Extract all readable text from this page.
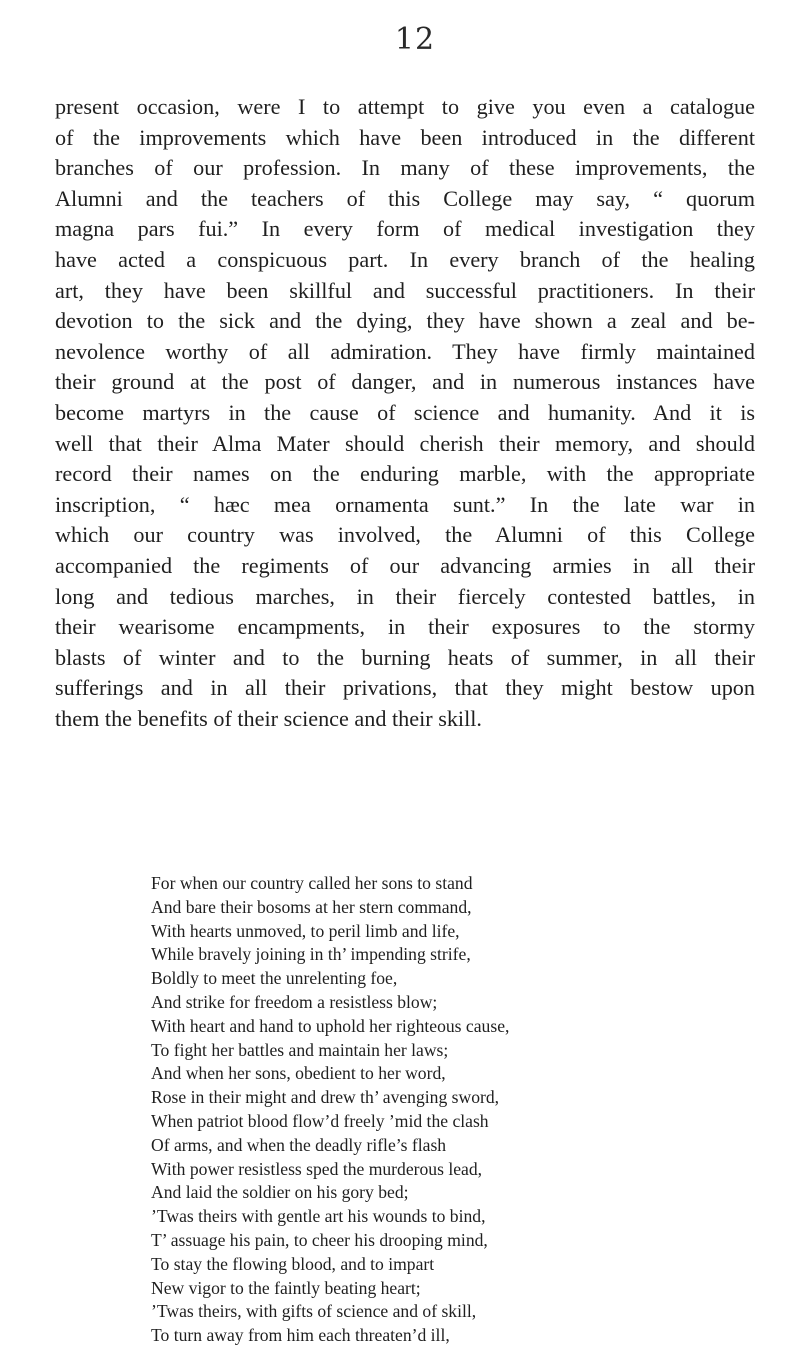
12
present occasion, were I to attempt to give you even a catalogue
of the improvements which have been introduced in the different
branches of our profession. In many of these improvements, the
Alumni and the teachers of this College may say, “ quorum
magna pars fui.” In every form of medical investigation they
have acted a conspicuous part. In every branch of the healing
art, they have been skillful and successful practitioners. In their
devotion to the sick and the dying, they have shown a zeal and be-
nevolence worthy of all admiration. They have firmly maintained
their ground at the post of danger, and in numerous instances have
become martyrs in the cause of science and humanity. And it is
well that their Alma Mater should cherish their memory, and should
record their names on the enduring marble, with the appropriate
inscription, “ hæc mea ornamenta sunt.” In the late war in
which our country was involved, the Alumni of this College
accompanied the regiments of our advancing armies in all their
long and tedious marches, in their fiercely contested battles, in
their wearisome encampments, in their exposures to the stormy
blasts of winter and to the burning heats of summer, in all their
sufferings and in all their privations, that they might bestow upon
them the benefits of their science and their skill.
For when our country called her sons to stand
And bare their bosoms at her stern command,
With hearts unmoved, to peril limb and life,
While bravely joining in th’ impending strife,
Boldly to meet the unrelenting foe,
And strike for freedom a resistless blow;
With heart and hand to uphold her righteous cause,
To fight her battles and maintain her laws;
And when her sons, obedient to her word,
Rose in their might and drew th’ avenging sword,
When patriot blood flow’d freely ’mid the clash
Of arms, and when the deadly rifle’s flash
With power resistless sped the murderous lead,
And laid the soldier on his gory bed;
’Twas theirs with gentle art his wounds to bind,
T’ assuage his pain, to cheer his drooping mind,
To stay the flowing blood, and to impart
New vigor to the faintly beating heart;
’Twas theirs, with gifts of science and of skill,
To turn away from him each threaten’d ill,
